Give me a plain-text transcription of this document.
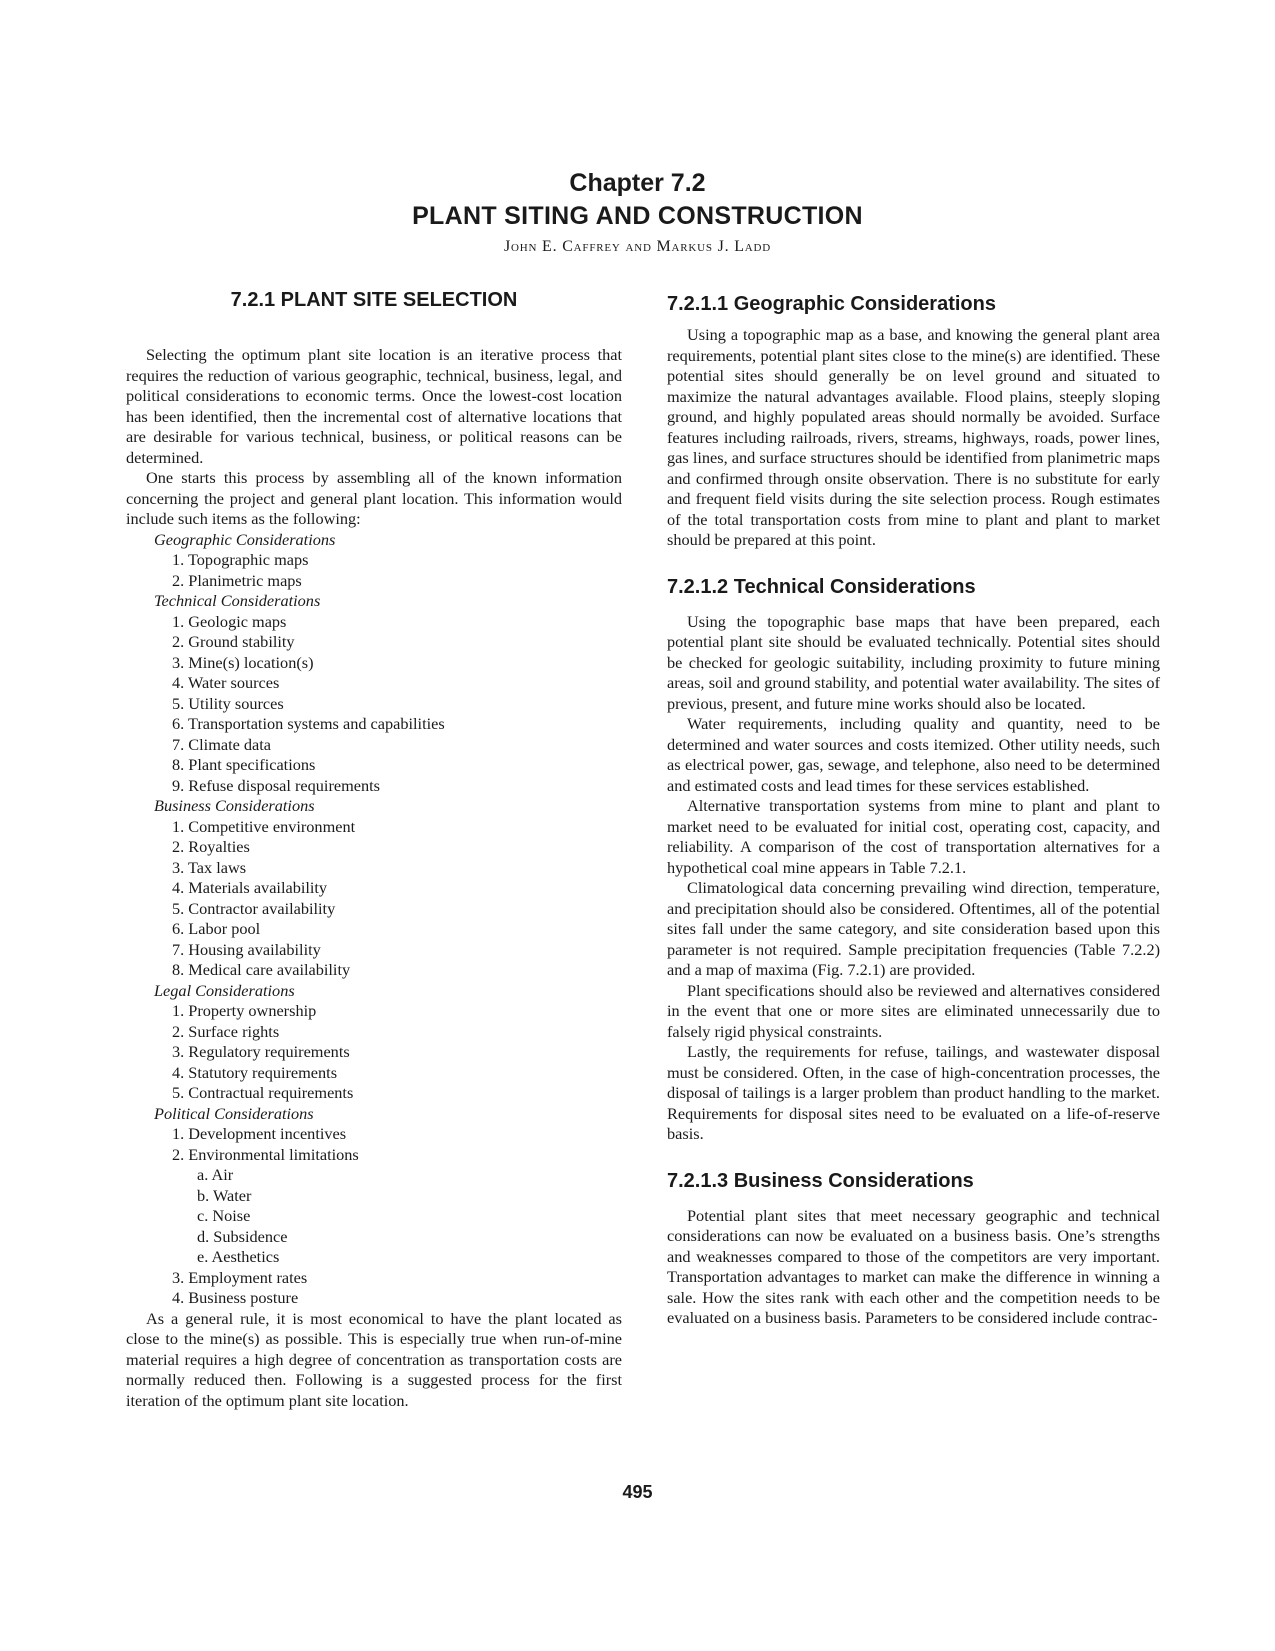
Chapter 7.2
PLANT SITING AND CONSTRUCTION
John E. Caffrey and Markus J. Ladd
7.2.1 PLANT SITE SELECTION

Selecting the optimum plant site location is an iterative process that requires the reduction of various geographic, technical, business, legal, and political considerations to economic terms. Once the lowest-cost location has been identified, then the incremental cost of alternative locations that are desirable for various technical, business, or political reasons can be determined.

One starts this process by assembling all of the known information concerning the project and general plant location. This information would include such items as the following:

Geographic Considerations
1. Topographic maps
2. Planimetric maps
Technical Considerations
1. Geologic maps
2. Ground stability
3. Mine(s) location(s)
4. Water sources
5. Utility sources
6. Transportation systems and capabilities
7. Climate data
8. Plant specifications
9. Refuse disposal requirements
Business Considerations
1. Competitive environment
2. Royalties
3. Tax laws
4. Materials availability
5. Contractor availability
6. Labor pool
7. Housing availability
8. Medical care availability
Legal Considerations
1. Property ownership
2. Surface rights
3. Regulatory requirements
4. Statutory requirements
5. Contractual requirements
Political Considerations
1. Development incentives
2. Environmental limitations
a. Air
b. Water
c. Noise
d. Subsidence
e. Aesthetics
3. Employment rates
4. Business posture

As a general rule, it is most economical to have the plant located as close to the mine(s) as possible. This is especially true when run-of-mine material requires a high degree of concentration as transportation costs are normally reduced then. Following is a suggested process for the first iteration of the optimum plant site location.

7.2.1.1 Geographic Considerations

Using a topographic map as a base, and knowing the general plant area requirements, potential plant sites close to the mine(s) are identified. These potential sites should generally be on level ground and situated to maximize the natural advantages available. Flood plains, steeply sloping ground, and highly populated areas should normally be avoided. Surface features including railroads, rivers, streams, highways, roads, power lines, gas lines, and surface structures should be identified from planimetric maps and confirmed through onsite observation. There is no substitute for early and frequent field visits during the site selection process. Rough estimates of the total transportation costs from mine to plant and plant to market should be prepared at this point.

7.2.1.2 Technical Considerations

Using the topographic base maps that have been prepared, each potential plant site should be evaluated technically. Potential sites should be checked for geologic suitability, including proximity to future mining areas, soil and ground stability, and potential water availability. The sites of previous, present, and future mine works should also be located.

Water requirements, including quality and quantity, need to be determined and water sources and costs itemized. Other utility needs, such as electrical power, gas, sewage, and telephone, also need to be determined and estimated costs and lead times for these services established.

Alternative transportation systems from mine to plant and plant to market need to be evaluated for initial cost, operating cost, capacity, and reliability. A comparison of the cost of transportation alternatives for a hypothetical coal mine appears in Table 7.2.1.

Climatological data concerning prevailing wind direction, temperature, and precipitation should also be considered. Oftentimes, all of the potential sites fall under the same category, and site consideration based upon this parameter is not required. Sample precipitation frequencies (Table 7.2.2) and a map of maxima (Fig. 7.2.1) are provided.

Plant specifications should also be reviewed and alternatives considered in the event that one or more sites are eliminated unnecessarily due to falsely rigid physical constraints.

Lastly, the requirements for refuse, tailings, and wastewater disposal must be considered. Often, in the case of high-concentration processes, the disposal of tailings is a larger problem than product handling to the market. Requirements for disposal sites need to be evaluated on a life-of-reserve basis.

7.2.1.3 Business Considerations

Potential plant sites that meet necessary geographic and technical considerations can now be evaluated on a business basis. One’s strengths and weaknesses compared to those of the competitors are very important. Transportation advantages to market can make the difference in winning a sale. How the sites rank with each other and the competition needs to be evaluated on a business basis. Parameters to be considered include contrac-

495
